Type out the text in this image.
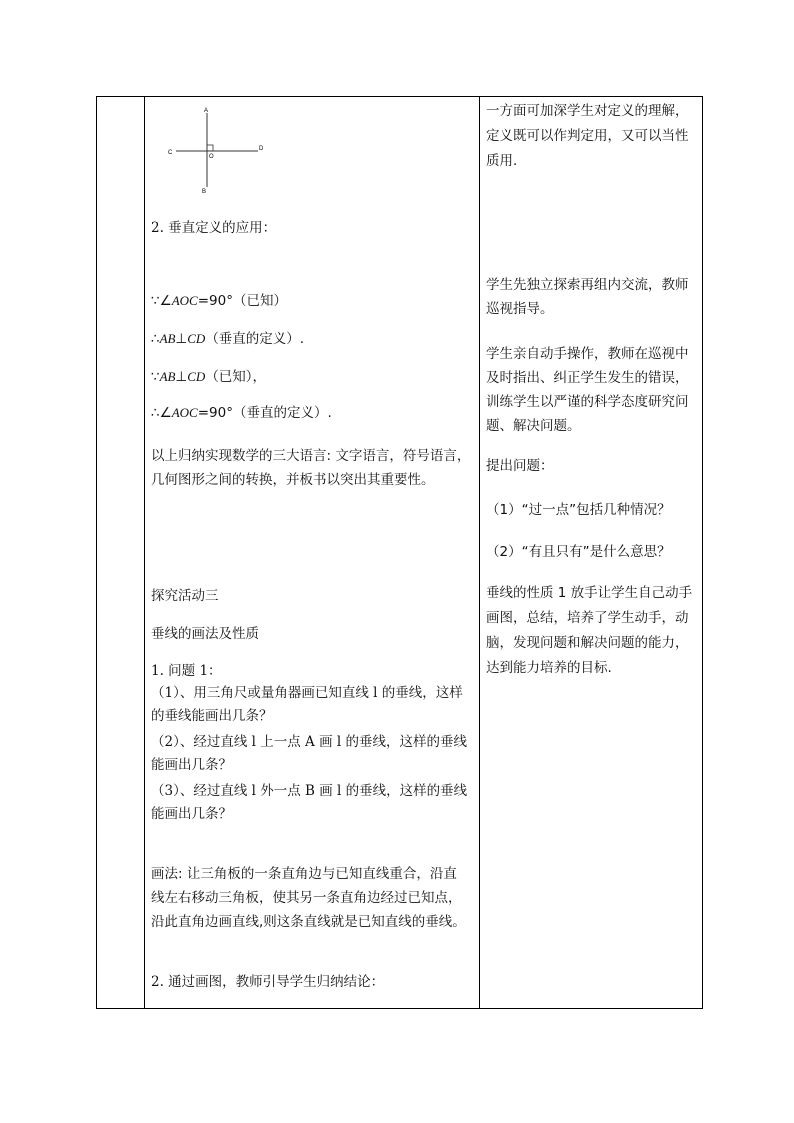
A
B
C
D
O
2. 垂直定义的应用：
∵∠AOC=90°（已知）
∴AB⊥CD（垂直的定义）.
∵AB⊥CD（已知），
∴∠AOC=90°（垂直的定义）.
以上归纳实现数学的三大语言: 文字语言，符号语言，
几何图形之间的转换，并板书以突出其重要性。
探究活动三
垂线的画法及性质
1. 问题 1：
（1）、用三角尺或量角器画已知直线 l 的垂线，这样
的垂线能画出几条？
（2）、经过直线 l 上一点 A 画 l 的垂线，这样的垂线
能画出几条？
（3）、经过直线 l 外一点 B 画 l 的垂线，这样的垂线
能画出几条？
画法: 让三角板的一条直角边与已知直线重合，沿直
线左右移动三角板，使其另一条直角边经过已知点，
沿此直角边画直线,则这条直线就是已知直线的垂线。
2. 通过画图，教师引导学生归纳结论：
一方面可加深学生对定义的理解，
定义既可以作判定用，又可以当性
质用.
学生先独立探索再组内交流，教师
巡视指导。
学生亲自动手操作，教师在巡视中
及时指出、纠正学生发生的错误，
训练学生以严谨的科学态度研究问
题、解决问题。
提出问题：
（1）“过一点”包括几种情况？
（2）“有且只有”是什么意思？
垂线的性质 1 放手让学生自己动手
画图，总结，培养了学生动手，动
脑，发现问题和解决问题的能力，
达到能力培养的目标.
